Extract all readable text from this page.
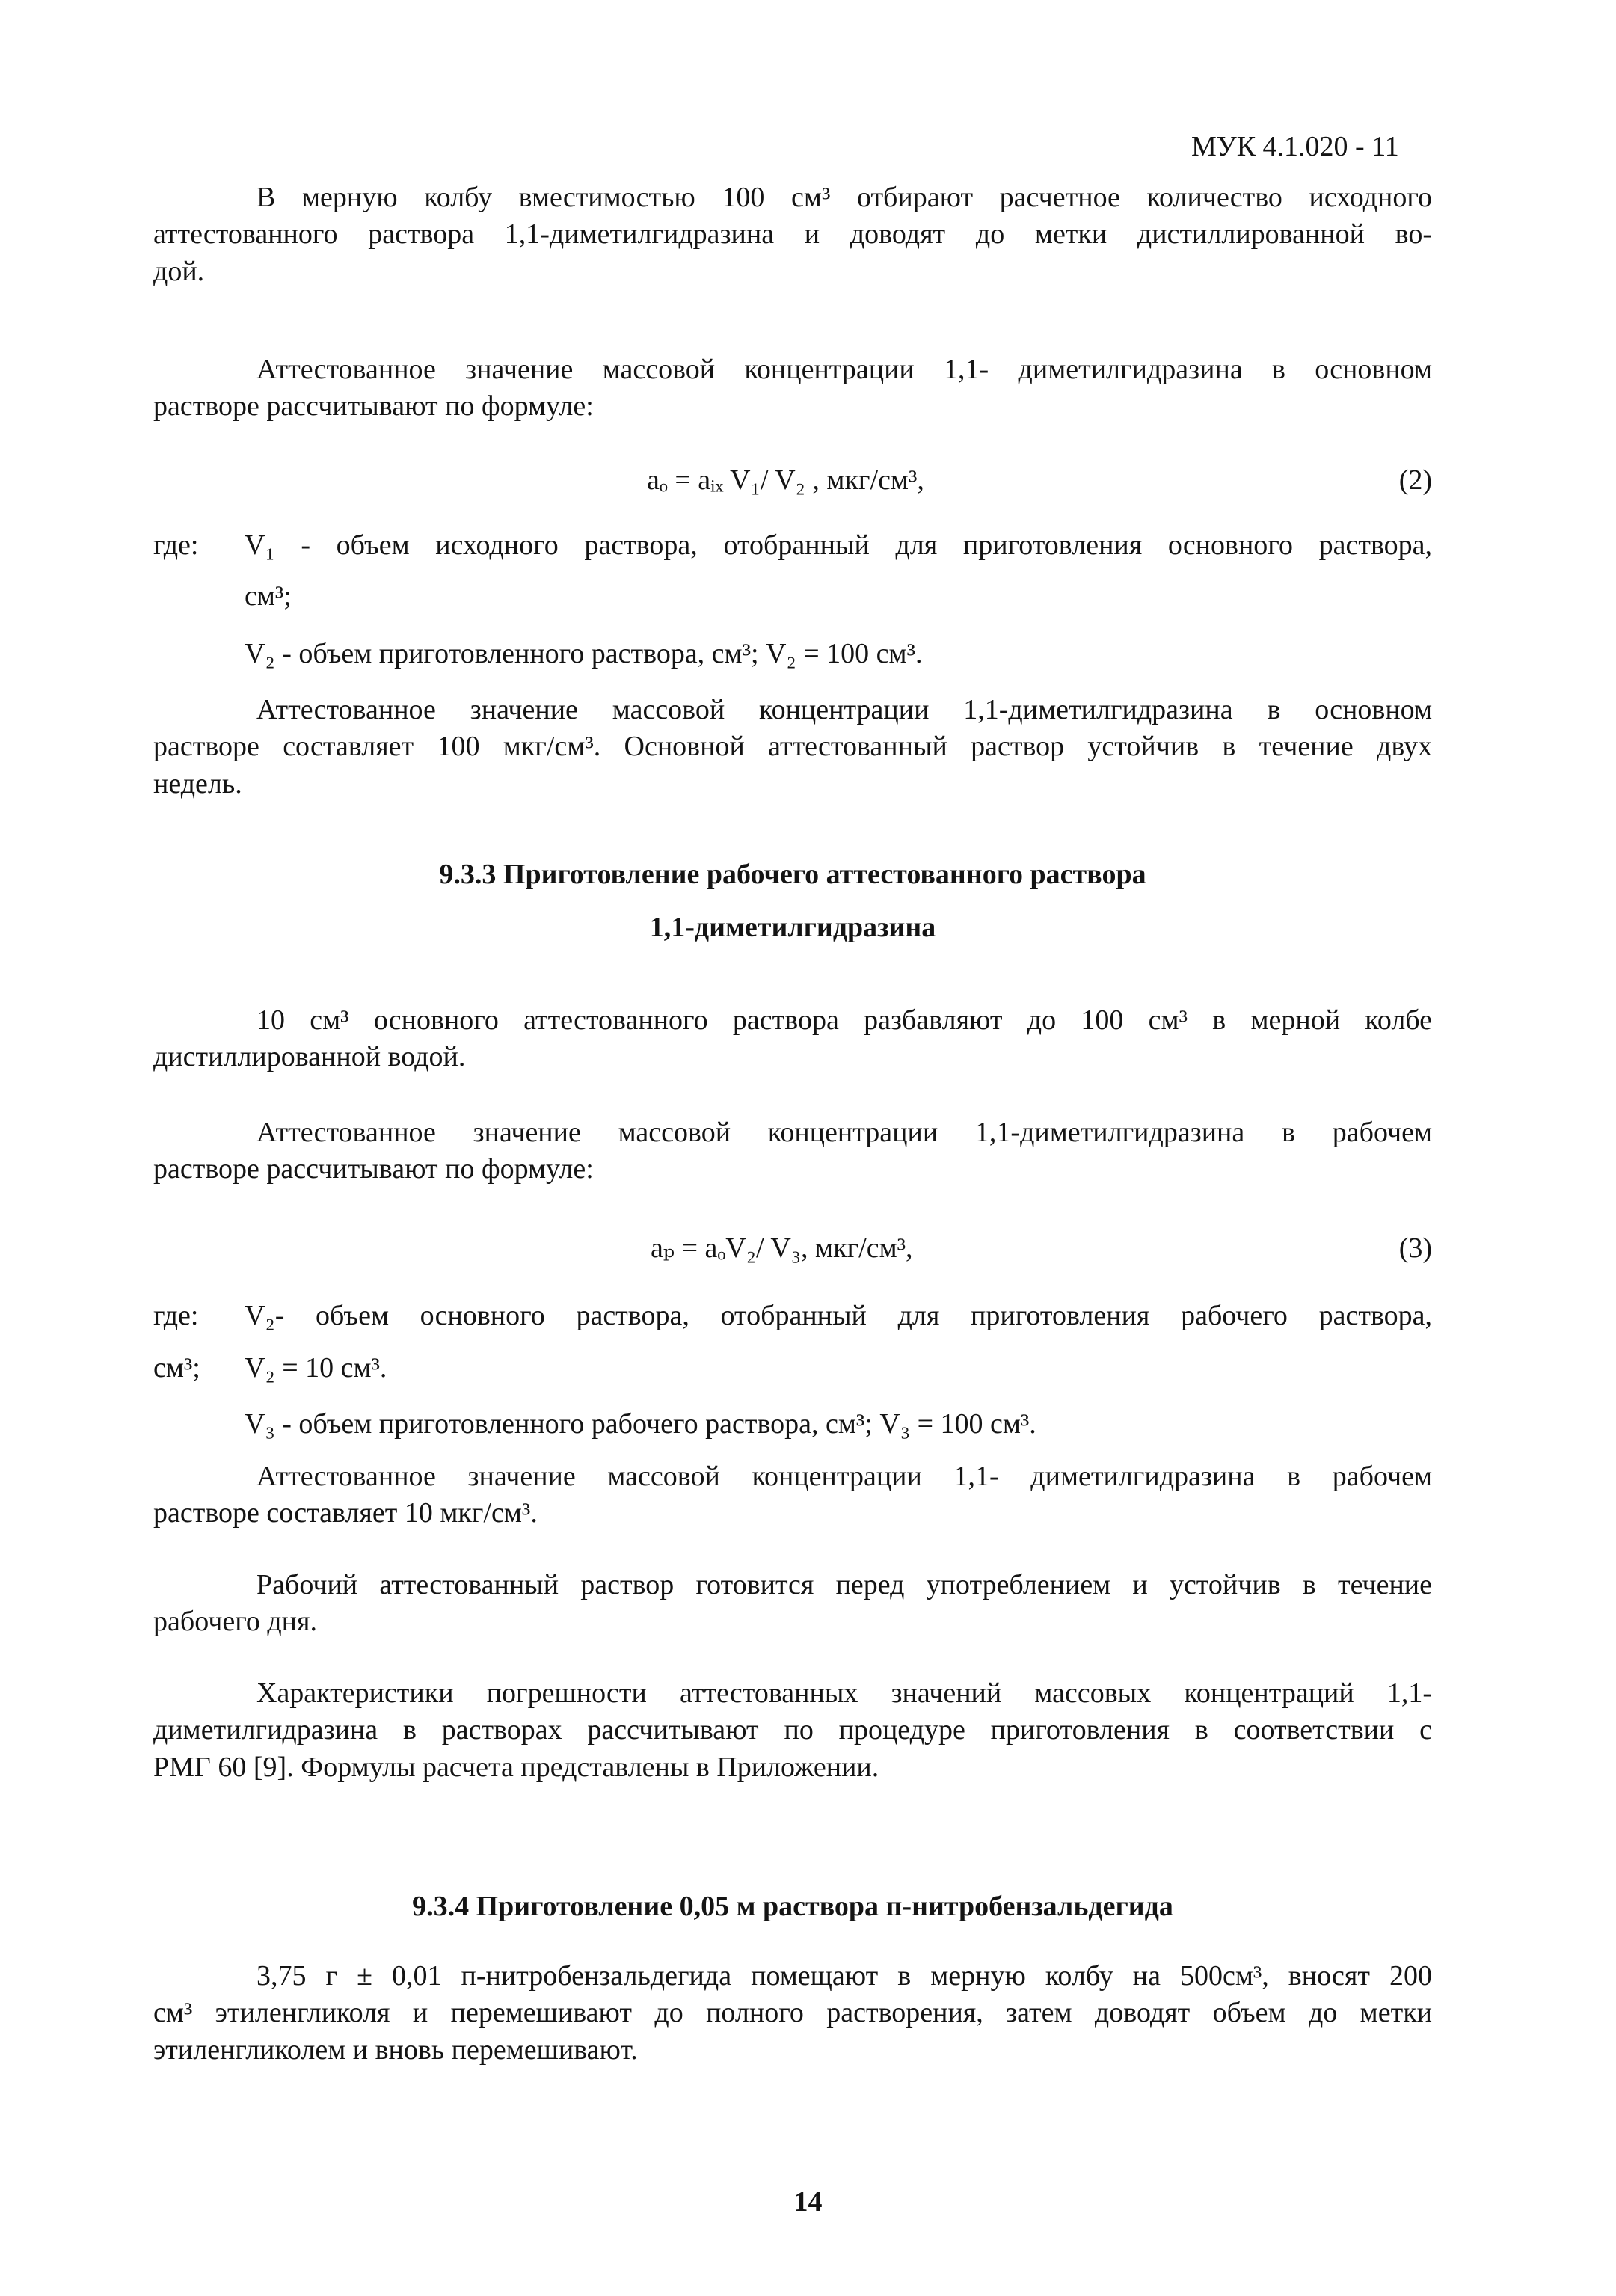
МУК 4.1.020 - 11
В мерную колбу вместимостью 100 см³ отбирают расчетное количество исходного
аттестованного раствора 1,1-диметилгидразина и доводят до метки дистиллированной во-
дой.
Аттестованное значение массовой концентрации 1,1- диметилгидразина в основном
растворе рассчитывают по формуле:
aₒ = aᵢₓ V₁/ V₂ , мкг/см³,	(2)
где: V₁ - объем исходного раствора, отобранный для приготовления основного раствора,
см³;
V₂ - объем приготовленного раствора, см³; V₂ = 100 см³.
Аттестованное значение массовой концентрации 1,1-диметилгидразина в основном
растворе составляет 100 мкг/см³. Основной аттестованный раствор устойчив в течение двух
недель.
9.3.3 Приготовление рабочего аттестованного раствора
1,1-диметилгидразина
10 см³ основного аттестованного раствора разбавляют до 100 см³ в мерной колбе
дистиллированной водой.
Аттестованное значение массовой концентрации 1,1-диметилгидразина в рабочем
растворе рассчитывают по формуле:
aₚ = aₒV₂/ V₃, мкг/см³,	(3)
где: V₂- объем основного раствора, отобранный для приготовления рабочего раствора,
см³; V₂ = 10 см³.
V₃ - объем приготовленного рабочего раствора, см³; V₃ = 100 см³.
Аттестованное значение массовой концентрации 1,1- диметилгидразина в рабочем
растворе составляет 10 мкг/см³.
Рабочий аттестованный раствор готовится перед употреблением и устойчив в течение
рабочего дня.
Характеристики погрешности аттестованных значений массовых концентраций 1,1-
диметилгидразина в растворах рассчитывают по процедуре приготовления в соответствии с
РМГ 60 [9]. Формулы расчета представлены в Приложении.
9.3.4 Приготовление 0,05 м раствора п-нитробензальдегида
3,75 г ± 0,01 п-нитробензальдегида помещают в мерную колбу на 500см³, вносят 200
см³ этиленгликоля и перемешивают до полного растворения, затем доводят объем до метки
этиленгликолем и вновь перемешивают.
14
